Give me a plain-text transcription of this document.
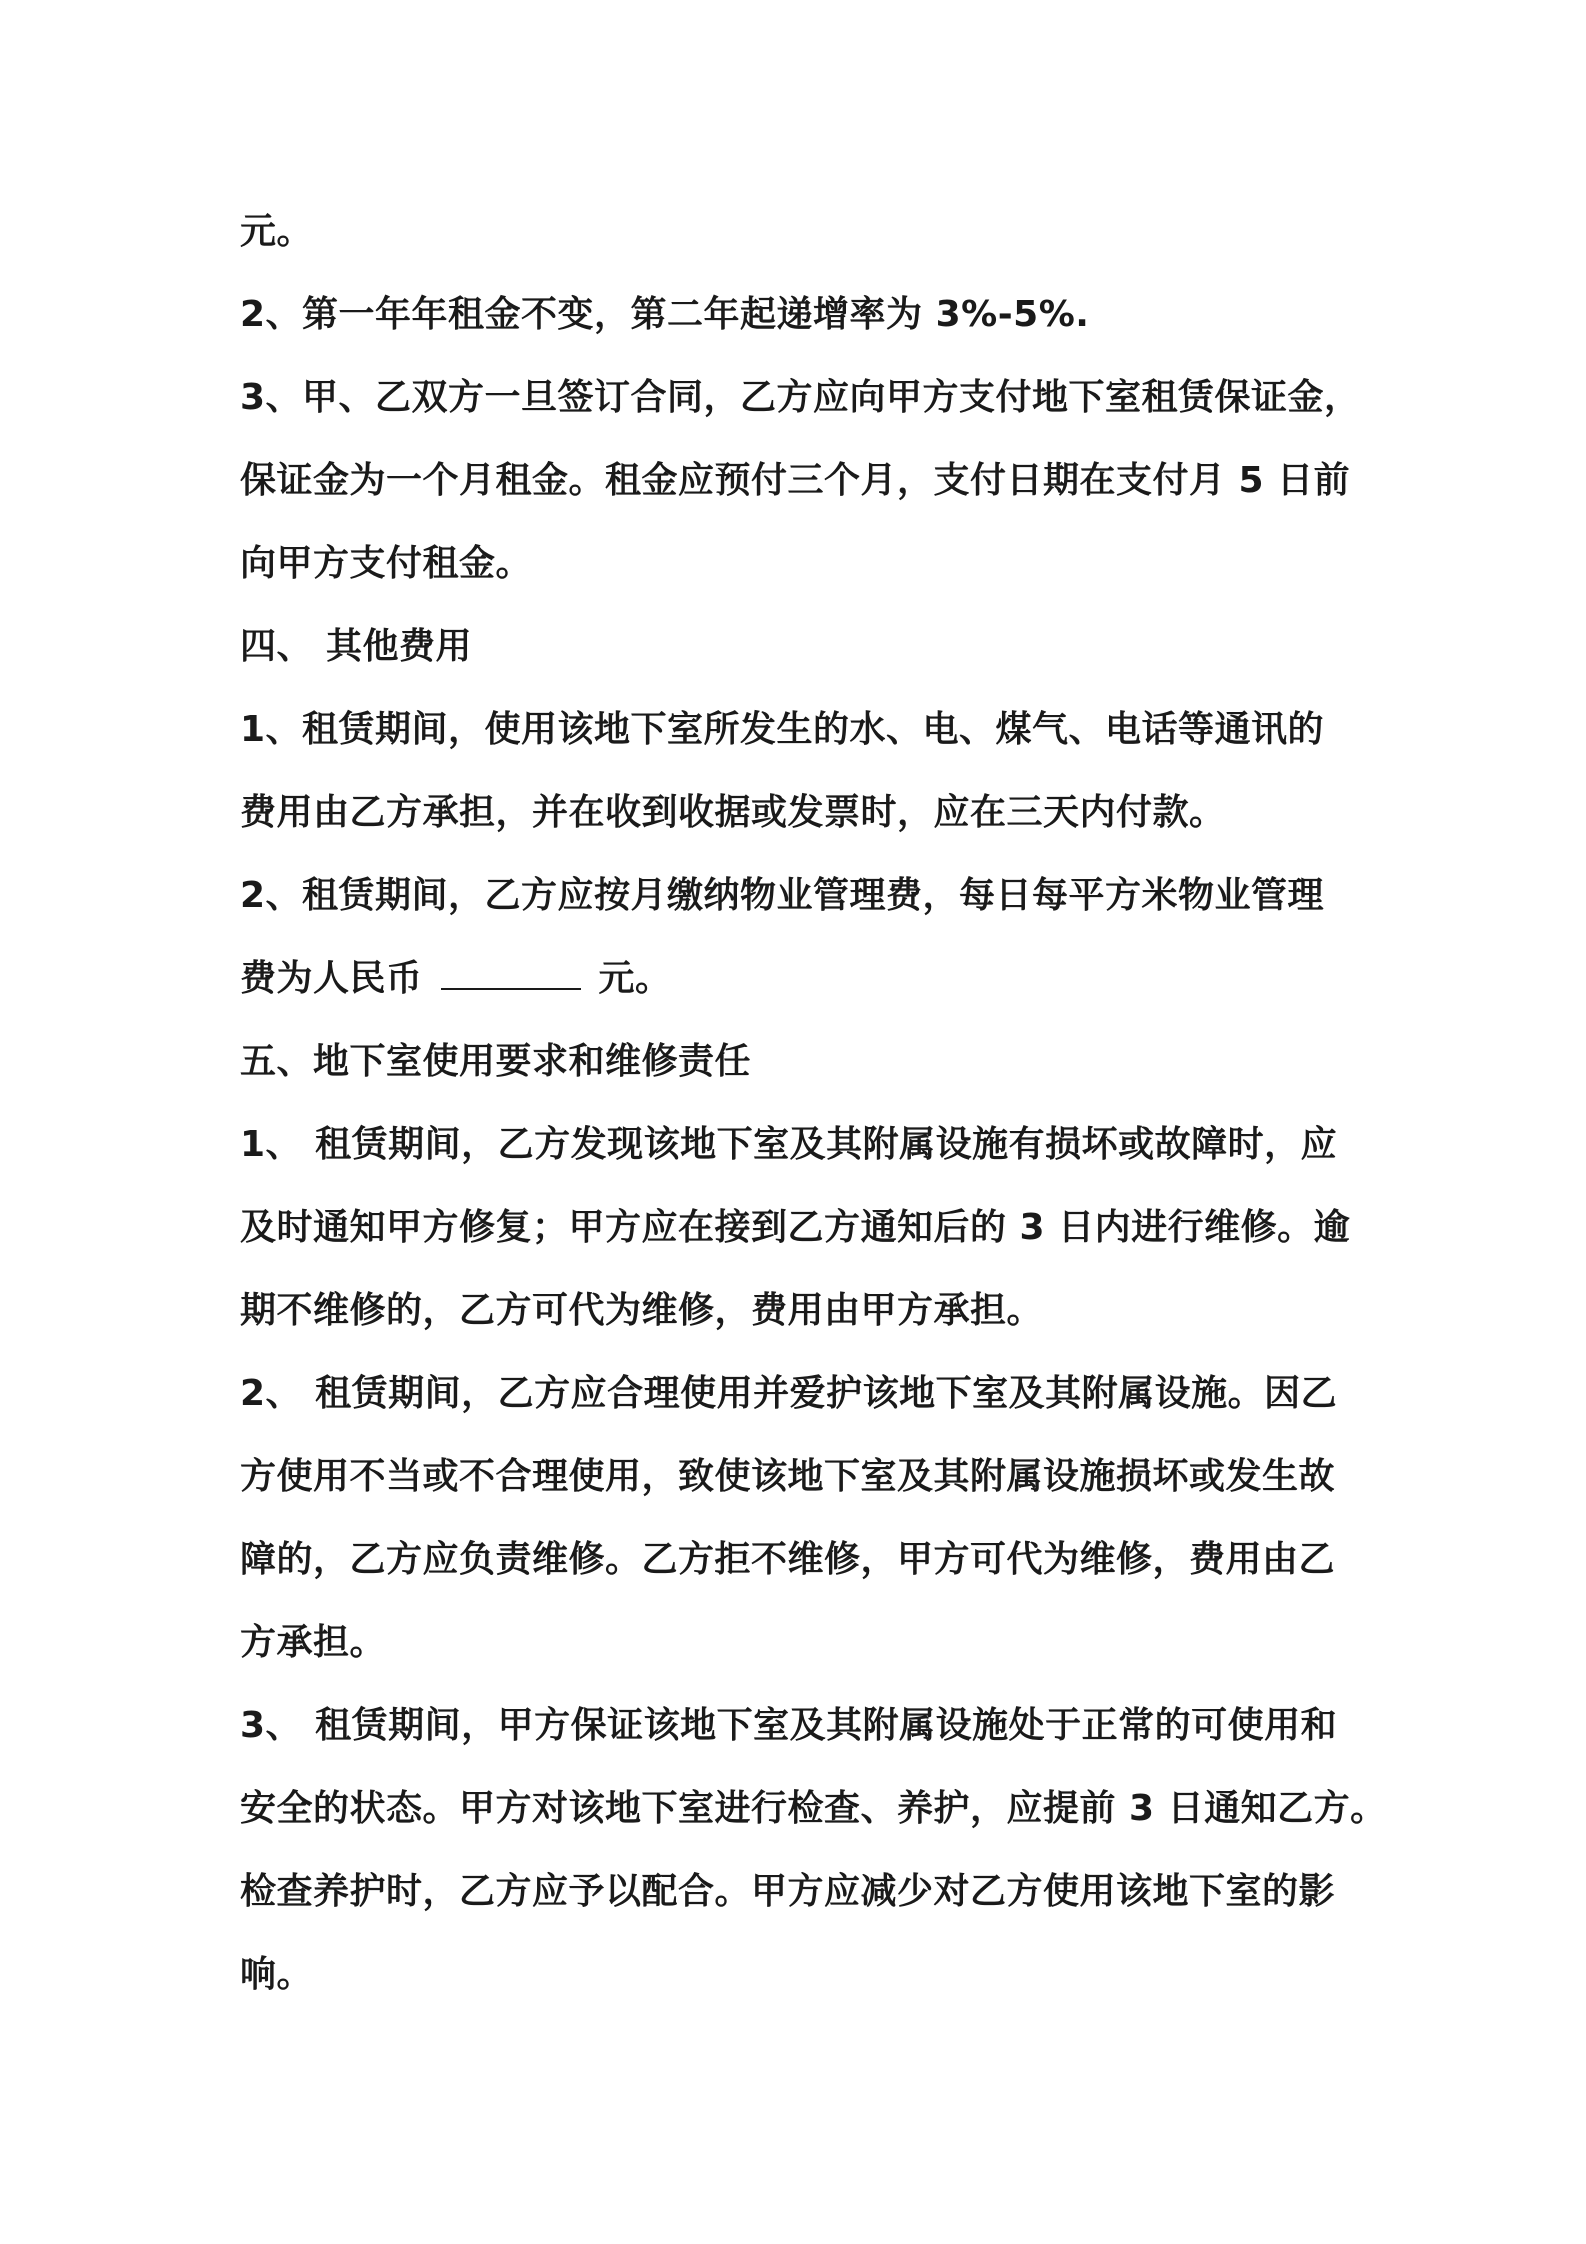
元。
2、第一年年租金不变，第二年起递增率为 3%-5%.
3、甲、乙双方一旦签订合同，乙方应向甲方支付地下室租赁保证金，
保证金为一个月租金。租金应预付三个月，支付日期在支付月 5 日前
向甲方支付租金。
四、 其他费用
1、租赁期间，使用该地下室所发生的水、电、煤气、电话等通讯的
费用由乙方承担，并在收到收据或发票时，应在三天内付款。
2、租赁期间，乙方应按月缴纳物业管理费，每日每平方米物业管理
费为人民币	元。
五、地下室使用要求和维修责任
1、 租赁期间，乙方发现该地下室及其附属设施有损坏或故障时，应
及时通知甲方修复；甲方应在接到乙方通知后的 3 日内进行维修。逾
期不维修的，乙方可代为维修，费用由甲方承担。
2、 租赁期间，乙方应合理使用并爱护该地下室及其附属设施。因乙
方使用不当或不合理使用，致使该地下室及其附属设施损坏或发生故
障的，乙方应负责维修。乙方拒不维修，甲方可代为维修，费用由乙
方承担。
3、 租赁期间，甲方保证该地下室及其附属设施处于正常的可使用和
安全的状态。甲方对该地下室进行检查、养护，应提前 3 日通知乙方。
检查养护时，乙方应予以配合。甲方应减少对乙方使用该地下室的影
响。
